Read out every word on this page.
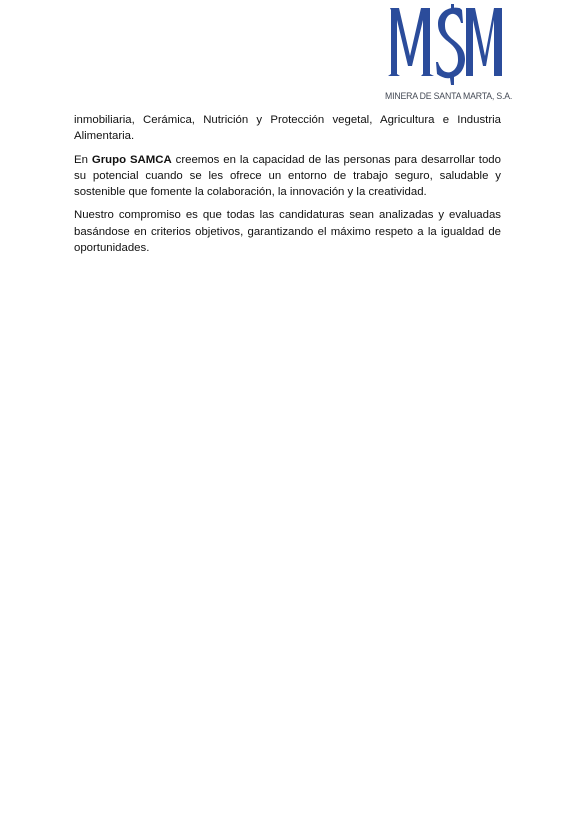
MINERA DE SANTA MARTA, S.A.

inmobiliaria, Cerámica, Nutrición y Protección vegetal, Agricultura e Industria Alimentaria.

En Grupo SAMCA creemos en la capacidad de las personas para desarrollar todo su potencial cuando se les ofrece un entorno de trabajo seguro, saludable y sostenible que fomente la colaboración, la innovación y la creatividad.

Nuestro compromiso es que todas las candidaturas sean analizadas y evaluadas basándose en criterios objetivos, garantizando el máximo respeto a la igualdad de oportunidades.
